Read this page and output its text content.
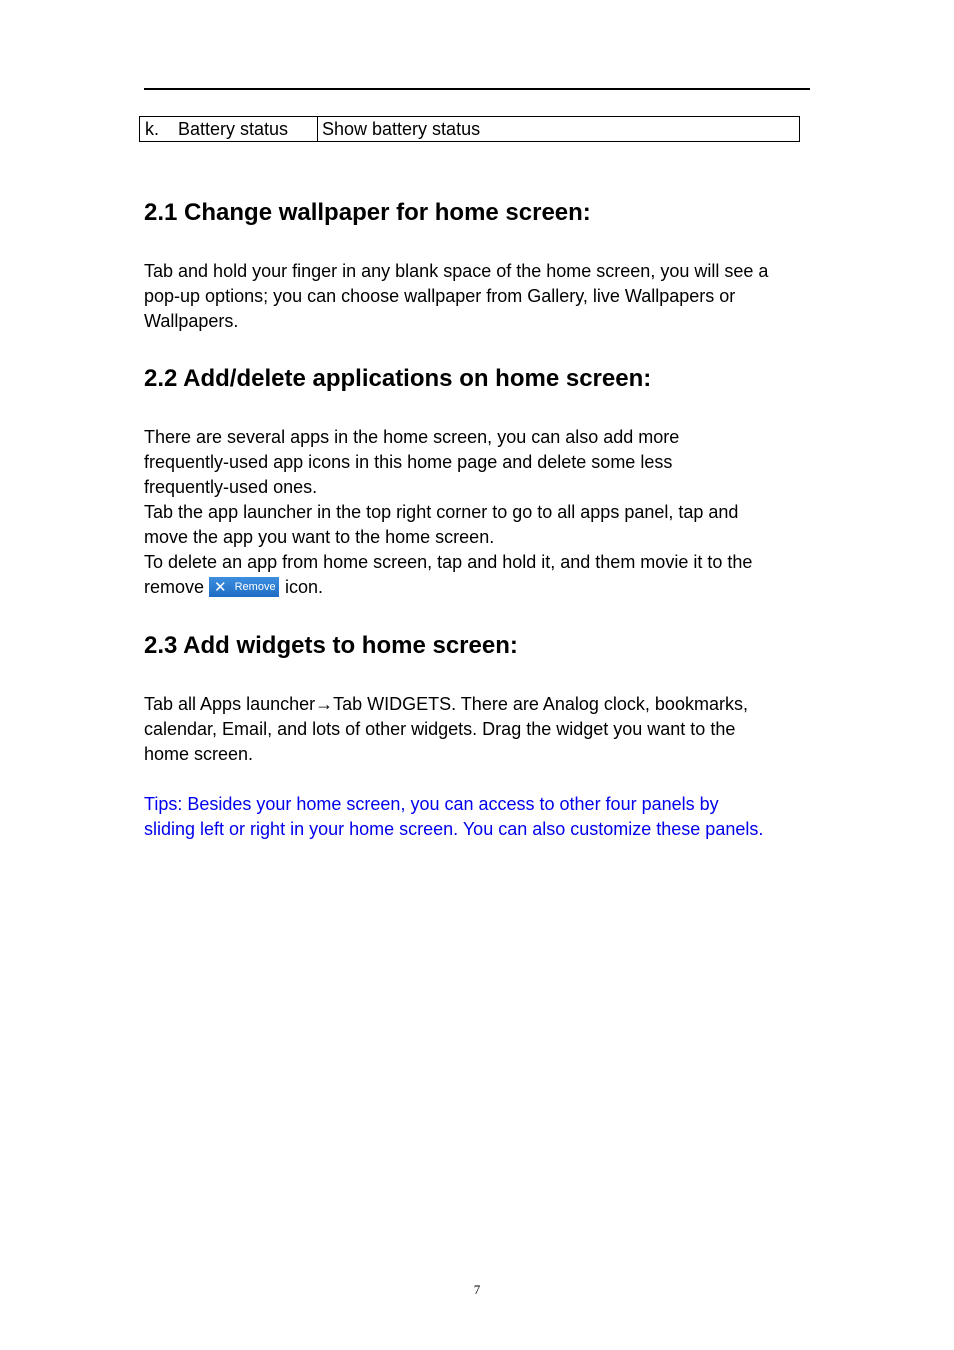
k. Battery status	Show battery status
2.1 Change wallpaper for home screen:

Tab and hold your finger in any blank space of the home screen, you will see a
pop-up options; you can choose wallpaper from Gallery, live Wallpapers or
Wallpapers.

2.2 Add/delete applications on home screen:

There are several apps in the home screen, you can also add more
frequently-used app icons in this home page and delete some less
frequently-used ones.
Tab the app launcher in the top right corner to go to all apps panel, tap and
move the app you want to the home screen.
To delete an app from home screen, tap and hold it, and them movie it to the
remove ✕ Remove icon.

2.3 Add widgets to home screen:

Tab all Apps launcher→Tab WIDGETS. There are Analog clock, bookmarks,
calendar, Email, and lots of other widgets. Drag the widget you want to the
home screen.

Tips: Besides your home screen, you can access to other four panels by
sliding left or right in your home screen. You can also customize these panels.

7
